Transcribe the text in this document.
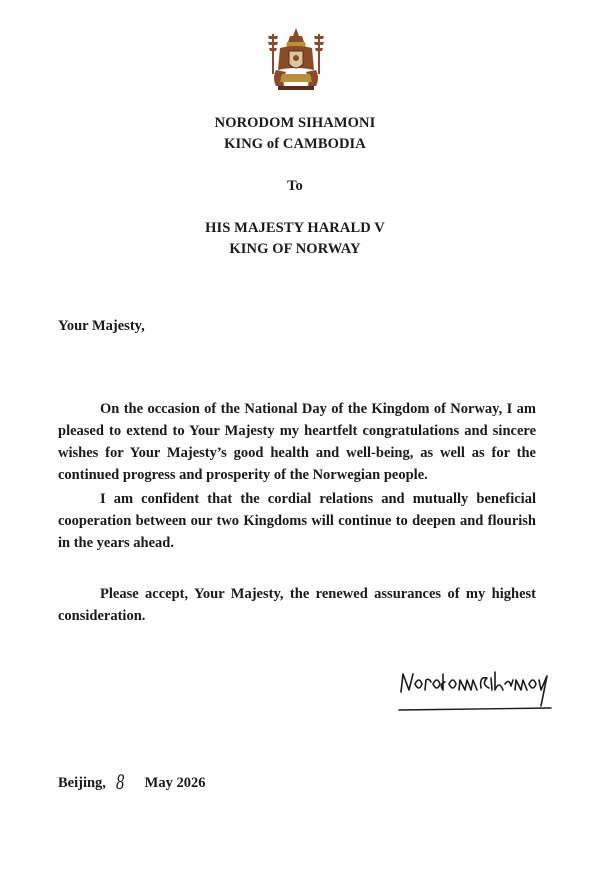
NORODOM SIHAMONI
KING of CAMBODIA
To
HIS MAJESTY HARALD V
KING OF NORWAY
Your Majesty,

On the occasion of the National Day of the Kingdom of Norway, I am pleased to extend to Your Majesty my heartfelt congratulations and sincere wishes for Your Majesty’s good health and well-being, as well as for the continued progress and prosperity of the Norwegian people.

I am confident that the cordial relations and mutually beneficial cooperation between our two Kingdoms will continue to deepen and flourish in the years ahead.

Please accept, Your Majesty, the renewed assurances of my highest consideration.

Beijing, 8 May 2026
